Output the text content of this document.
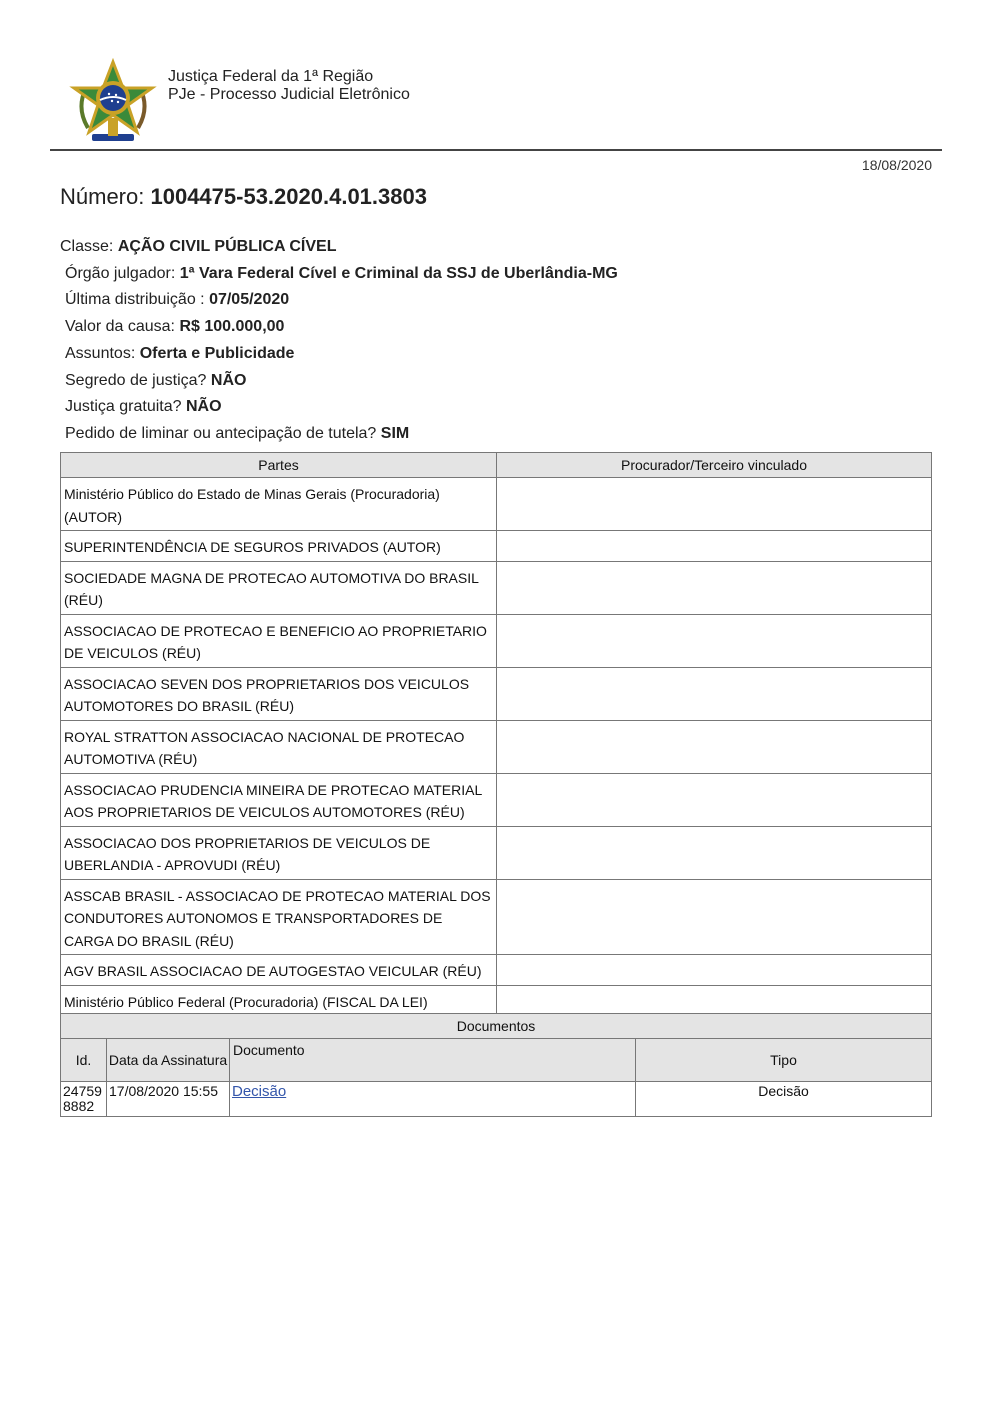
Justiça Federal da 1ª Região
PJe - Processo Judicial Eletrônico
18/08/2020
Número: 1004475-53.2020.4.01.3803
Classe: AÇÃO CIVIL PÚBLICA CÍVEL
Órgão julgador: 1ª Vara Federal Cível e Criminal da SSJ de Uberlândia-MG
Última distribuição : 07/05/2020
Valor da causa: R$ 100.000,00
Assuntos: Oferta e Publicidade
Segredo de justiça? NÃO
Justiça gratuita? NÃO
Pedido de liminar ou antecipação de tutela? SIM
Partes	Procurador/Terceiro vinculado
Ministério Público do Estado de Minas Gerais (Procuradoria) (AUTOR)	
SUPERINTENDÊNCIA DE SEGUROS PRIVADOS (AUTOR)	
SOCIEDADE MAGNA DE PROTECAO AUTOMOTIVA DO BRASIL (RÉU)	
ASSOCIACAO DE PROTECAO E BENEFICIO AO PROPRIETARIO DE VEICULOS (RÉU)	
ASSOCIACAO SEVEN DOS PROPRIETARIOS DOS VEICULOS AUTOMOTORES DO BRASIL (RÉU)	
ROYAL STRATTON ASSOCIACAO NACIONAL DE PROTECAO AUTOMOTIVA (RÉU)	
ASSOCIACAO PRUDENCIA MINEIRA DE PROTECAO MATERIAL AOS PROPRIETARIOS DE VEICULOS AUTOMOTORES (RÉU)	
ASSOCIACAO DOS PROPRIETARIOS DE VEICULOS DE UBERLANDIA - APROVUDI (RÉU)	
ASSCAB BRASIL - ASSOCIACAO DE PROTECAO MATERIAL DOS CONDUTORES AUTONOMOS E TRANSPORTADORES DE CARGA DO BRASIL (RÉU)	
AGV BRASIL ASSOCIACAO DE AUTOGESTAO VEICULAR (RÉU)	
Ministério Público Federal (Procuradoria) (FISCAL DA LEI)	
Documentos			
Id.	Data da Assinatura	Documento	Tipo
247598882	17/08/2020 15:55	Decisão	Decisão
